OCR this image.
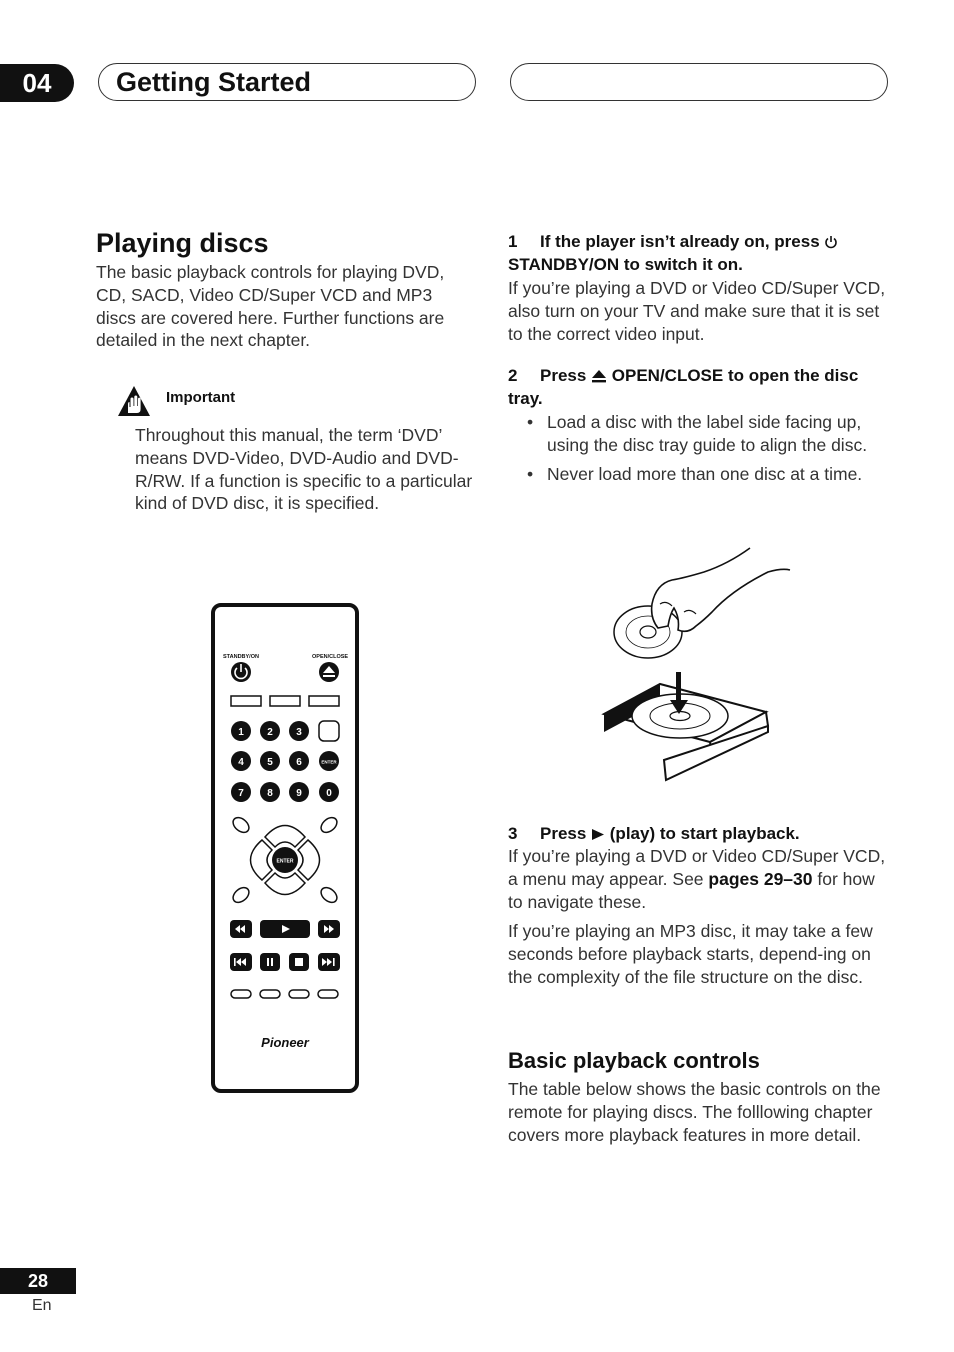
04 Getting Started
Playing discs
The basic playback controls for playing DVD, CD, SACD, Video CD/Super VCD and MP3 discs are covered here. Further functions are detailed in the next chapter.
Important
Throughout this manual, the term ‘DVD’ means DVD-Video, DVD-Audio and DVD-R/RW. If a function is specific to a particular kind of DVD disc, it is specified.
STANDBY/ON	OPEN/CLOSE
1 2 3
4 5 6	ENTER
7 8 9 0
ENTER
Pioneer
1 If the player isn’t already on, press  STANDBY/ON to switch it on.
If you’re playing a DVD or Video CD/Super VCD, also turn on your TV and make sure that it is set to the correct video input.
2 Press  OPEN/CLOSE to open the disc tray.
• Load a disc with the label side facing up, using the disc tray guide to align the disc.
• Never load more than one disc at a time.
3 Press  (play) to start playback.
If you’re playing a DVD or Video CD/Super VCD, a menu may appear. See pages 29–30 for how to navigate these.
If you’re playing an MP3 disc, it may take a few seconds before playback starts, depend-ing on the complexity of the file structure on the disc.
Basic playback controls
The table below shows the basic controls on the remote for playing discs. The folllowing chapter covers more playback features in more detail.
28
En
